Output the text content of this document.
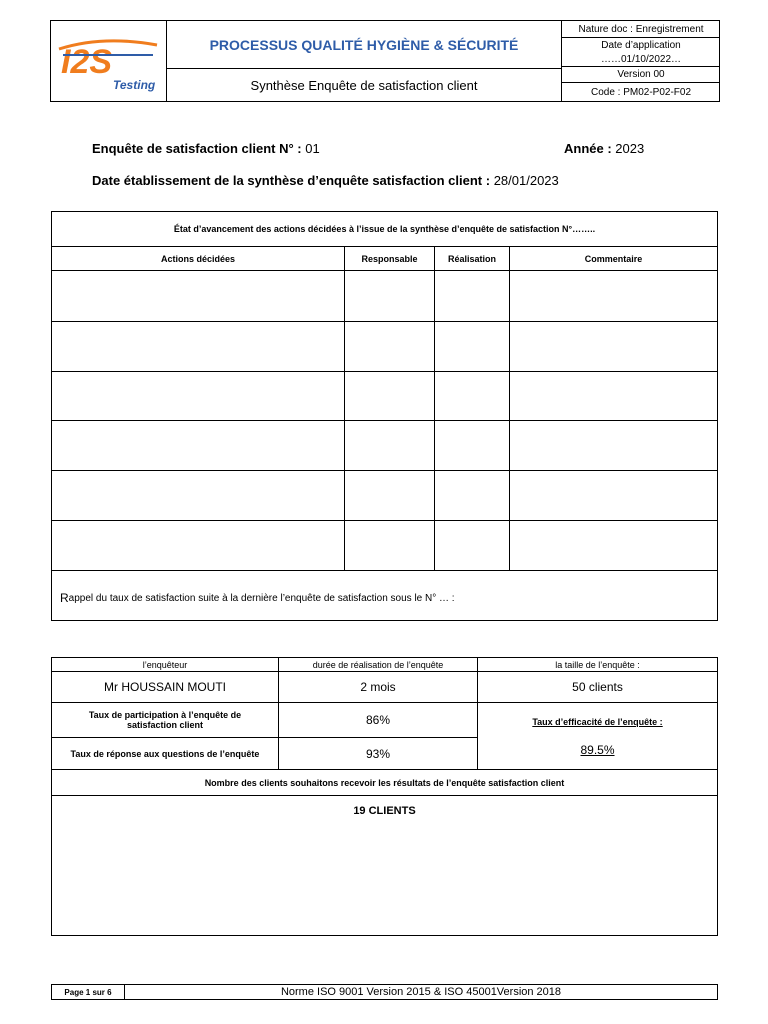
I2S
Testing
PROCESSUS QUALITÉ HYGIÈNE & SÉCURITÉ
Synthèse Enquête de satisfaction client
Nature doc : Enregistrement
Date d’application
……01/10/2022…
Version 00
Code : PM02-P02-F02
Enquête de satisfaction client N° : 01	Année : 2023
Date établissement de la synthèse d’enquête satisfaction client : 28/01/2023
État d’avancement des actions décidées à l’issue de la synthèse d’enquête de satisfaction N°……..
Actions décidées	Responsable	Réalisation	Commentaire
R appel du taux de satisfaction suite à la dernière l’enquête de satisfaction sous le N° … :
l’enquêteur	durée de réalisation de l’enquête	la taille de l’enquête :
Mr HOUSSAIN MOUTI	2 mois	50 clients
Taux de participation à l’enquête de satisfaction client	86%
Taux de réponse aux questions de l’enquête	93%
Taux d’efficacité de l’enquête :
89.5%
Nombre des clients souhaitons recevoir les résultats de l’enquête satisfaction client
19 CLIENTS
Page 1 sur 6	Norme ISO 9001 Version 2015 & ISO 45001Version 2018
